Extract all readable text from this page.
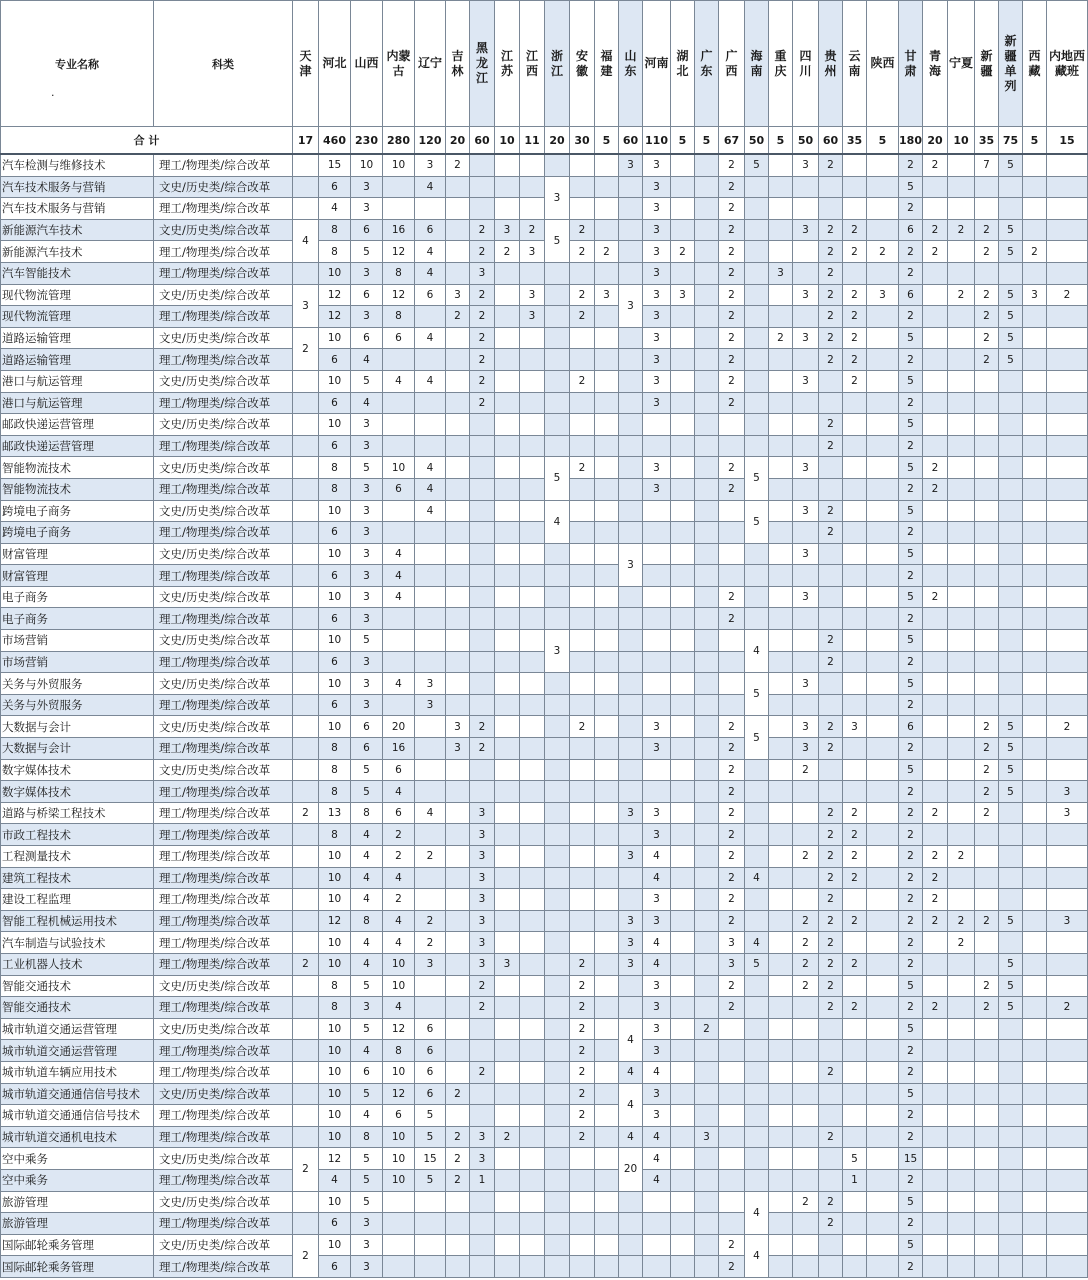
专业名称
·	科类	天津	河北	山西	内蒙古	辽宁	吉林	黑龙江	江苏	江西	浙江	安徽	福建	山东	河南	湖北	广东	广西	海南	重庆	四川	贵州	云南	陕西	甘肃	青海	宁夏	新疆	新疆单列	西藏	内地西藏班
合 计		17	460	230	280	120	20	60	10	11	20	30	5	60	110	5	5	67	50	5	50	60	35	5	180	20	10	35	75	5	15
汽车检测与维修技术	理工/物理类/综合改革		15	10	10	3	2							3	3			2	5		3	2			2	2		7	5		
汽车技术服务与营销	文史/历史类/综合改革		6	3		4					3				3			2							5						
汽车技术服务与营销	理工/物理类/综合改革		4	3											3			2							2						
新能源汽车技术	文史/历史类/综合改革	4	8	6	16	6		2	3	2	5	2			3			2			3	2	2		6	2	2	2	5		
新能源汽车技术	理工/物理类/综合改革		8	5	12	4		2	2	3		2	2		3	2		2				2	2	2	2	2		2	5	2	
汽车智能技术	理工/物理类/综合改革		10	3	8	4		3							3			2		3		2			2						
现代物流管理	文史/历史类/综合改革	3	12	6	12	6	3	2		3		2	3	3	3	3		2			3	2	2	3	6		2	2	5	3	2
现代物流管理	理工/物理类/综合改革		12	3	8		2	2		3		2			3			2				2	2		2			2	5		
道路运输管理	文史/历史类/综合改革	2	10	6	6	4		2							3			2		2	3	2	2		5			2	5		
道路运输管理	理工/物理类/综合改革		6	4				2							3			2				2	2		2			2	5		
港口与航运管理	文史/历史类/综合改革		10	5	4	4		2				2			3			2			3		2		5						
港口与航运管理	理工/物理类/综合改革		6	4				2							3			2							2						
邮政快递运营管理	文史/历史类/综合改革		10	3																		2			5						
邮政快递运营管理	理工/物理类/综合改革		6	3																		2			2						
智能物流技术	文史/历史类/综合改革		8	5	10	4					5	2			3			2	5		3				5	2					
智能物流技术	理工/物理类/综合改革		8	3	6	4									3			2							2	2					
跨境电子商务	文史/历史类/综合改革		10	3		4					4								5		3	2			5						
跨境电子商务	理工/物理类/综合改革		6	3																		2			2						
财富管理	文史/历史类/综合改革		10	3	4									3							3				5						
财富管理	理工/物理类/综合改革		6	3	4																				2						
电子商务	文史/历史类/综合改革		10	3	4													2			3				5	2					
电子商务	理工/物理类/综合改革		6	3														2							2						
市场营销	文史/历史类/综合改革		10	5							3								4			2			5						
市场营销	理工/物理类/综合改革		6	3																		2			2						
关务与外贸服务	文史/历史类/综合改革		10	3	4	3													5		3				5						
关务与外贸服务	理工/物理类/综合改革		6	3		3																			2						
大数据与会计	文史/历史类/综合改革		10	6	20		3	2				2			3			2	5		3	2	3		6			2	5		2
大数据与会计	理工/物理类/综合改革		8	6	16		3	2							3			2			3	2			2			2	5		
数字媒体技术	文史/历史类/综合改革		8	5	6													2			2				5			2	5		
数字媒体技术	理工/物理类/综合改革		8	5	4													2							2			2	5		3
道路与桥梁工程技术	理工/物理类/综合改革	2	13	8	6	4		3						3	3			2				2	2		2	2		2			3
市政工程技术	理工/物理类/综合改革		8	4	2			3							3			2				2	2		2						
工程测量技术	理工/物理类/综合改革		10	4	2	2		3						3	4			2			2	2	2		2	2	2				
建筑工程技术	理工/物理类/综合改革		10	4	4			3							4			2	4			2	2		2	2					
建设工程监理	理工/物理类/综合改革		10	4	2			3							3			2				2			2	2					
智能工程机械运用技术	理工/物理类/综合改革		12	8	4	2		3						3	3			2			2	2	2		2	2	2	2	5		3
汽车制造与试验技术	理工/物理类/综合改革		10	4	4	2		3						3	4			3	4		2	2			2		2				
工业机器人技术	理工/物理类/综合改革	2	10	4	10	3		3	3			2		3	4			3	5		2	2	2		2				5		
智能交通技术	文史/历史类/综合改革		8	5	10			2				2			3			2			2	2			5			2	5		
智能交通技术	理工/物理类/综合改革		8	3	4			2				2			3			2				2	2		2	2		2	5		2
城市轨道交通运营管理	文史/历史类/综合改革		10	5	12	6						2		4	3		2								5						
城市轨道交通运营管理	理工/物理类/综合改革		10	4	8	6						2			3										2						
城市轨道车辆应用技术	理工/物理类/综合改革		10	6	10	6		2				2		4	4							2			2						
城市轨道交通通信信号技术	文史/历史类/综合改革		10	5	12	6	2					2		4	3										5						
城市轨道交通通信信号技术	理工/物理类/综合改革		10	4	6	5						2			3										2						
城市轨道交通机电技术	理工/物理类/综合改革		10	8	10	5	2	3	2			2		4	4		3					2			2						
空中乘务	文史/历史类/综合改革	2	12	5	10	15	2	3						20	4								5		15						
空中乘务	理工/物理类/综合改革		4	5	10	5	2	1							4								1		2						
旅游管理	文史/历史类/综合改革		10	5															4		2	2			5						
旅游管理	理工/物理类/综合改革		6	3																		2			2						
国际邮轮乘务管理	文史/历史类/综合改革	2	10	3														2	4						5						
国际邮轮乘务管理	理工/物理类/综合改革		6	3														2							2						
